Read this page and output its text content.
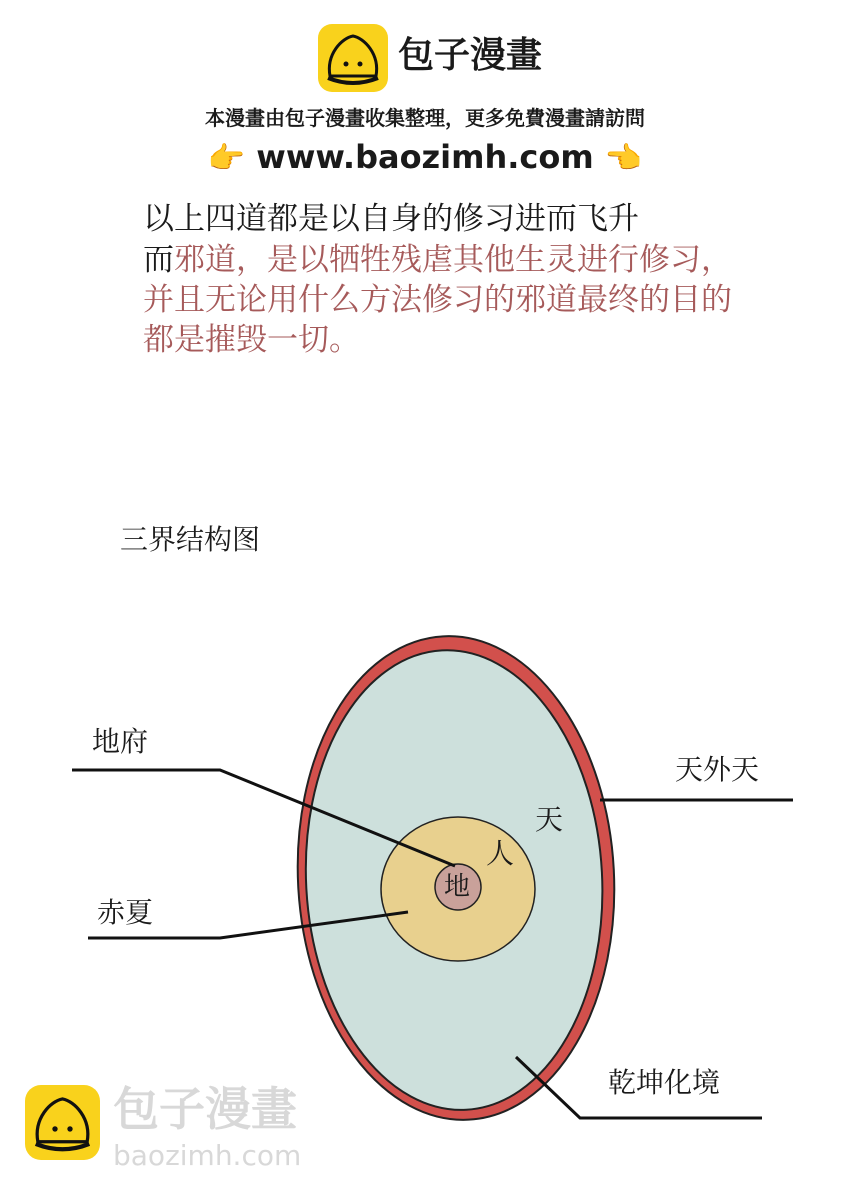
包子漫畫
本漫畫由包子漫畫收集整理，更多免費漫畫請訪問
👉 www.baozimh.com 👈
以上四道都是以自身的修习进而飞升
而邪道，是以牺牲残虐其他生灵进行修习，
并且无论用什么方法修习的邪道最终的目的
都是摧毁一切。
三界结构图
地府
赤夏
天外天
乾坤化境
天
人
地
包子漫畫
baozimh.com
